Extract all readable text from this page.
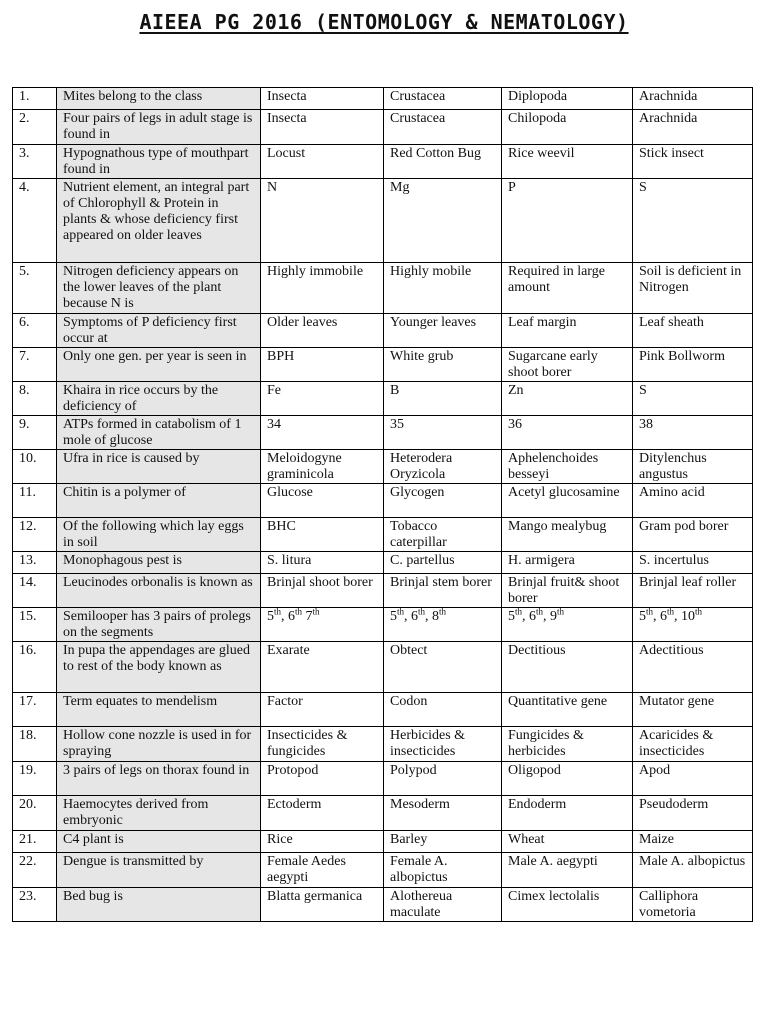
AIEEA PG 2016 (ENTOMOLOGY & NEMATOLOGY)
1.	Mites belong to the class	Insecta	Crustacea	Diplopoda	Arachnida
2.	Four pairs of legs in adult stage is found in	Insecta	Crustacea	Chilopoda	Arachnida
3.	Hypognathous type of mouthpart found in	Locust	Red Cotton Bug	Rice weevil	Stick insect
4.	Nutrient element, an integral part of Chlorophyll & Protein in plants & whose deficiency first appeared on older leaves	N	Mg	P	S
5.	Nitrogen deficiency appears on the lower leaves of the plant because N is	Highly immobile	Highly mobile	Required in large amount	Soil is deficient in Nitrogen
6.	Symptoms of P deficiency first occur at	Older leaves	Younger leaves	Leaf margin	Leaf sheath
7.	Only one gen. per year is seen in	BPH	White grub	Sugarcane early shoot borer	Pink Bollworm
8.	Khaira in rice occurs by the deficiency of	Fe	B	Zn	S
9.	ATPs formed in catabolism of 1 mole of glucose	34	35	36	38
10.	Ufra in rice is caused by	Meloidogyne graminicola	Heterodera Oryzicola	Aphelenchoides besseyi	Ditylenchus angustus
11.	Chitin is a polymer of	Glucose	Glycogen	Acetyl glucosamine	Amino acid
12.	Of the following which lay eggs in soil	BHC	Tobacco caterpillar	Mango mealybug	Gram pod borer
13.	Monophagous pest is	S. litura	C. partellus	H. armigera	S. incertulus
14.	Leucinodes orbonalis is known as	Brinjal shoot borer	Brinjal stem borer	Brinjal fruit& shoot borer	Brinjal leaf roller
15.	Semilooper has 3 pairs of prolegs on the segments	5th, 6th 7th	5th, 6th, 8th	5th, 6th, 9th	5th, 6th, 10th
16.	In pupa the appendages are glued to rest of the body known as	Exarate	Obtect	Dectitious	Adectitious
17.	Term equates to mendelism	Factor	Codon	Quantitative gene	Mutator gene
18.	Hollow cone nozzle is used in for spraying	Insecticides & fungicides	Herbicides & insecticides	Fungicides & herbicides	Acaricides & insecticides
19.	3 pairs of legs on thorax found in	Protopod	Polypod	Oligopod	Apod
20.	Haemocytes derived from embryonic	Ectoderm	Mesoderm	Endoderm	Pseudoderm
21.	C4 plant is	Rice	Barley	Wheat	Maize
22.	Dengue is transmitted by	Female Aedes aegypti	Female A. albopictus	Male A. aegypti	Male A. albopictus
23.	Bed bug is	Blatta germanica	Alothereua maculate	Cimex lectolalis	Calliphora vometoria
